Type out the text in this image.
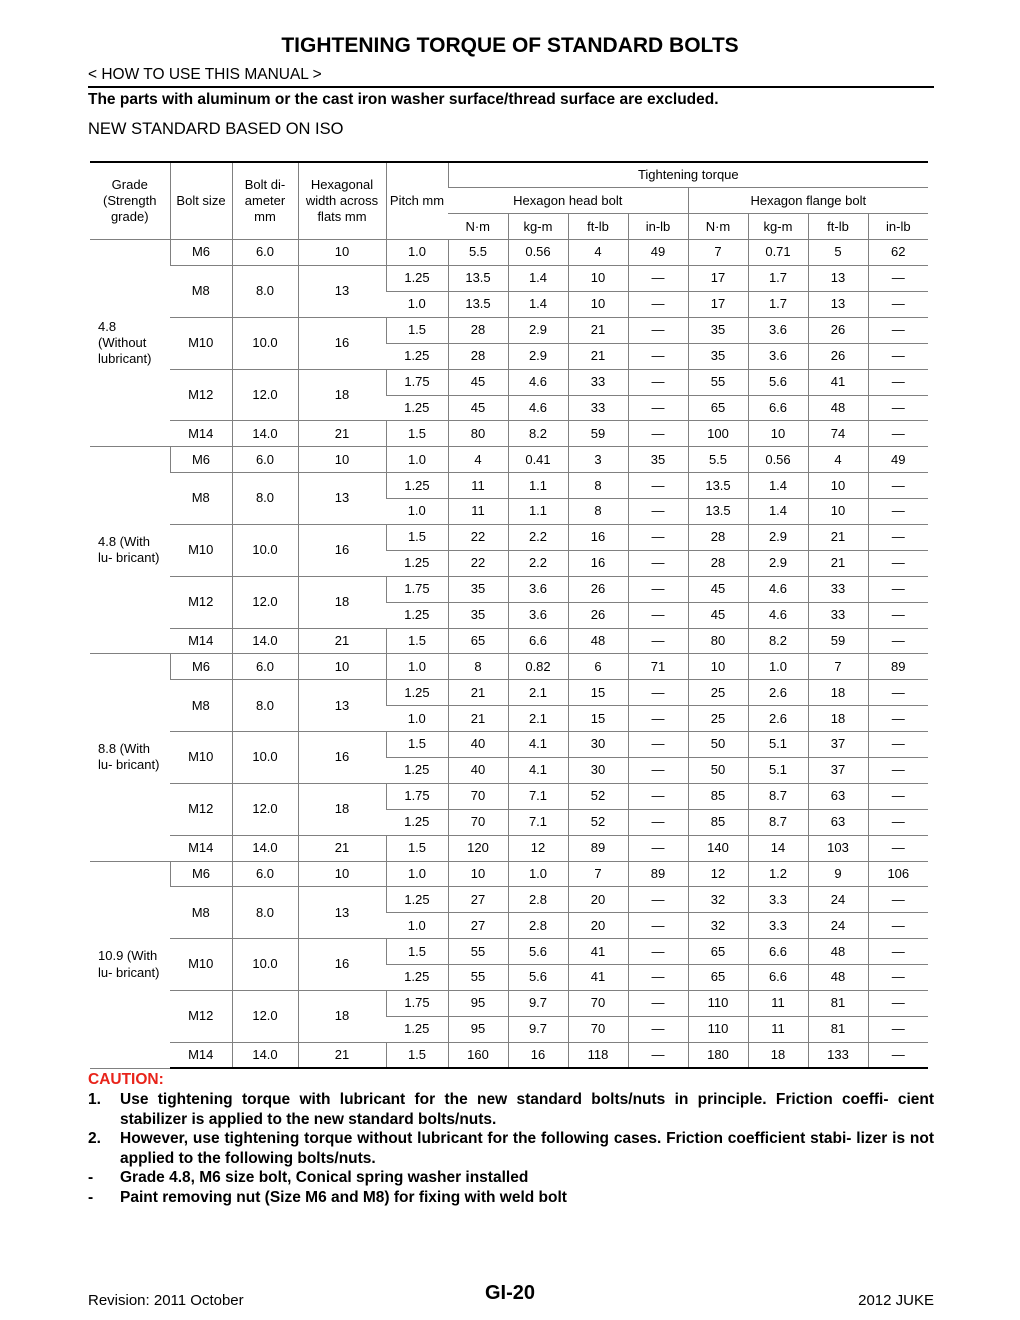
TIGHTENING TORQUE OF STANDARD BOLTS
< HOW TO USE THIS MANUAL >
The parts with aluminum or the cast iron washer surface/thread surface are excluded.
NEW STANDARD BASED ON ISO
Grade (Strength grade)	Bolt size	Bolt di- ameter mm	Hexagonal width across flats mm	Pitch mm	Tightening torque							
					Hexagon head bolt				Hexagon flange bolt			
					N·m	kg-m	ft-lb	in-lb	N·m	kg-m	ft-lb	in-lb
4.8 (Without lubricant)	M6	6.0	10	1.0	5.5	0.56	4	49	7	0.71	5	62
	M8	8.0	13	1.25	13.5	1.4	10	—	17	1.7	13	—
				1.0	13.5	1.4	10	—	17	1.7	13	—
	M10	10.0	16	1.5	28	2.9	21	—	35	3.6	26	—
				1.25	28	2.9	21	—	35	3.6	26	—
	M12	12.0	18	1.75	45	4.6	33	—	55	5.6	41	—
				1.25	45	4.6	33	—	65	6.6	48	—
	M14	14.0	21	1.5	80	8.2	59	—	100	10	74	—
4.8 (With lu- bricant)	M6	6.0	10	1.0	4	0.41	3	35	5.5	0.56	4	49
	M8	8.0	13	1.25	11	1.1	8	—	13.5	1.4	10	—
				1.0	11	1.1	8	—	13.5	1.4	10	—
	M10	10.0	16	1.5	22	2.2	16	—	28	2.9	21	—
				1.25	22	2.2	16	—	28	2.9	21	—
	M12	12.0	18	1.75	35	3.6	26	—	45	4.6	33	—
				1.25	35	3.6	26	—	45	4.6	33	—
	M14	14.0	21	1.5	65	6.6	48	—	80	8.2	59	—
8.8 (With lu- bricant)	M6	6.0	10	1.0	8	0.82	6	71	10	1.0	7	89
	M8	8.0	13	1.25	21	2.1	15	—	25	2.6	18	—
				1.0	21	2.1	15	—	25	2.6	18	—
	M10	10.0	16	1.5	40	4.1	30	—	50	5.1	37	—
				1.25	40	4.1	30	—	50	5.1	37	—
	M12	12.0	18	1.75	70	7.1	52	—	85	8.7	63	—
				1.25	70	7.1	52	—	85	8.7	63	—
	M14	14.0	21	1.5	120	12	89	—	140	14	103	—
10.9 (With lu- bricant)	M6	6.0	10	1.0	10	1.0	7	89	12	1.2	9	106
	M8	8.0	13	1.25	27	2.8	20	—	32	3.3	24	—
				1.0	27	2.8	20	—	32	3.3	24	—
	M10	10.0	16	1.5	55	5.6	41	—	65	6.6	48	—
				1.25	55	5.6	41	—	65	6.6	48	—
	M12	12.0	18	1.75	95	9.7	70	—	110	11	81	—
				1.25	95	9.7	70	—	110	11	81	—
	M14	14.0	21	1.5	160	16	118	—	180	18	133	—
CAUTION:
1.	Use tightening torque with lubricant for the new standard bolts/nuts in principle. Friction coeffi- cient stabilizer is applied to the new standard bolts/nuts.
2.	However, use tightening torque without lubricant for the following cases. Friction coefficient stabi- lizer is not applied to the following bolts/nuts.
-	Grade 4.8, M6 size bolt, Conical spring washer installed
-	Paint removing nut (Size M6 and M8) for fixing with weld bolt
Revision: 2011 October	GI-20	2012 JUKE
